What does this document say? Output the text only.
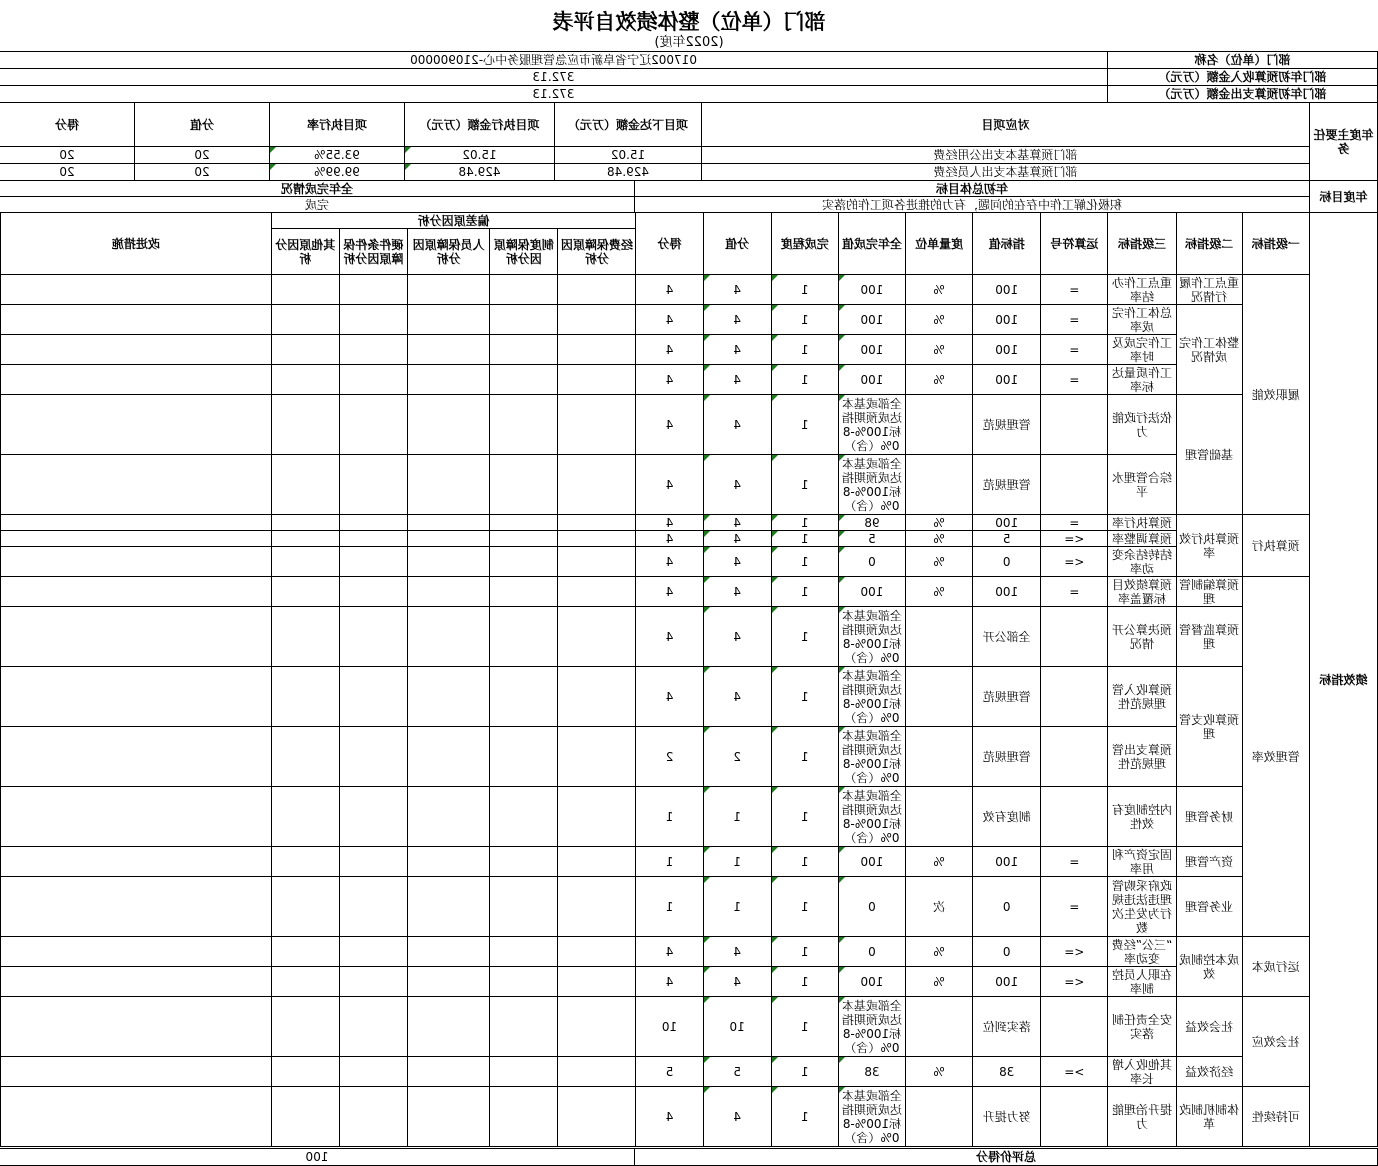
部门（单位）整体绩效自评表
(2022年度)
部门（单位）名称	017002辽宁省阜新市应急管理服务中心-210900000
部门年初预算收入金额（万元）	372.13
部门年初预算支出金额（万元）	372.13
年度主要任务	对应项目	项目下达金额（万元）	项目执行金额（万元）	项目执行率	分值	得分
	部门预算基本支出公用经费	15.02	15.02	93.55%	20	20
	部门预算基本支出人员经费	429.48	429.48	99.99%	20	20
年度目标	年初总体目标	全年完成情况
	积极化解工作中存在的问题，有力的推进各项工作的落实	完成
绩效指标	一级指标	二级指标	三级指标	运算符号	指标值	度量单位	全年完成值	完成程度	分值	得分	偏差原因分析					改进措施
											经费保障原因分析	制度保障原因分析	人员保障原因分析	硬件条件保障原因分析	其他原因分析	
	履职效能	重点工作履行情况	重点工作办结率	=	100	%	100	1	4	4						
		整体工作完成情况	总体工作完成率	=	100	%	100	1	4	4						
			工作完成及时率	=	100	%	100	1	4	4						
			工作质量达标率	=	100	%	100	1	4	4						
		基础管理	依法行政能力		管理规范		全部或基本达成预期指标100%-80%（含）	1	4	4						
			综合管理水平		管理规范		全部或基本达成预期指标100%-80%（含）	1	4	4						
	预算执行	预算执行效率	预算执行率	=	100	%	98	1	4	4						
			预算调整率	<=	5	%	5	1	4	4						
			结转结余变动率	<=	0	%	0	1	4	4						
	管理效率	预算编制管理	预算绩效目标覆盖率	=	100	%	100	1	4	4						
		预算监督管理	预决算公开情况		全部公开		全部或基本达成预期指标100%-80%（含）	1	4	4						
		预算收支管理	预算收入管理规范性		管理规范		全部或基本达成预期指标100%-80%（含）	1	4	4						
			预算支出管理规范性		管理规范		全部或基本达成预期指标100%-80%（含）	1	2	2						
		财务管理	内控制度有效性		制度有效		全部或基本达成预期指标100%-80%（含）	1	1	1						
		资产管理	固定资产利用率	=	100	%	100	1	1	1						
		业务管理	政府采购管理违法违规行为发生次数	=	0	次	0	1	1	1						
	运行成本	成本控制成效	“三公”经费变动率	<=	0	%	0	1	4	4						
			在职人员控制率	<=	100	%	100	1	4	4						
	社会效应	社会效益	安全责任制落实		落实到位		全部或基本达成预期指标100%-80%（含）	1	10	10						
		经济效益	其他收入增长率	>=	38	%	38	1	5	5						
	可持续性	体制机制改革	提升治理能力		努力提升		全部或基本达成预期指标100%-80%（含）	1	4	4						
总评价得分	100
